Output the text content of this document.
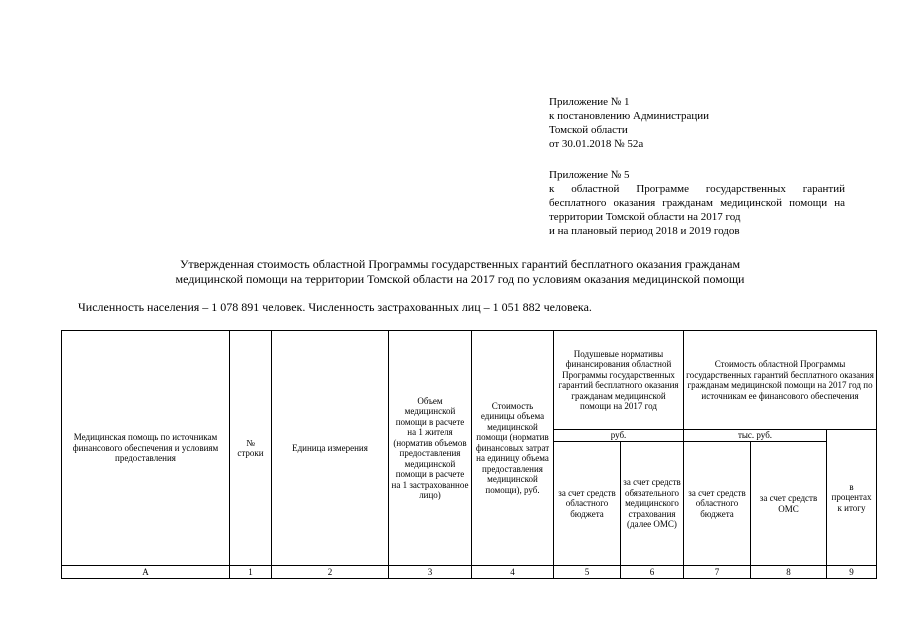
Приложение № 1
к постановлению Администрации
Томской области
от 30.01.2018 № 52а
Приложение № 5
к областной Программе государственных гарантий бесплатного оказания гражданам медицинской помощи на территории Томской области на 2017 год
и на плановый период 2018 и 2019 годов
Утвержденная стоимость областной Программы государственных гарантий бесплатного оказания гражданам
медицинской помощи на территории Томской области на 2017 год по условиям оказания медицинской помощи
Численность населения – 1 078 891 человек. Численность застрахованных лиц – 1 051 882 человека.
Медицинская помощь по источникам финансового обеспечения и условиям предоставления	№ строки	Единица измерения	Объем медицинской помощи в расчете на 1 жителя (норматив объемов предоставления медицинской помощи в расчете на 1 застрахованное лицо)	Стоимость единицы объема медицинской помощи (норматив финансовых затрат на единицу объема предоставления медицинской помощи), руб.	Подушевые нормативы финансирования областной Программы государственных гарантий бесплатного оказания гражданам медицинской помощи на 2017 год		Стоимость областной Программы государственных гарантий бесплатного оказания гражданам медицинской помощи на 2017 год по источникам ее финансового обеспечения		
					руб.		тыс. руб.		в процентах к итогу
					за счет средств областного бюджета	за счет средств обязательного медицинского страхования (далее ОМС)	за счет средств областного бюджета	за счет средств ОМС	
А	1	2	3	4	5	6	7	8	9
